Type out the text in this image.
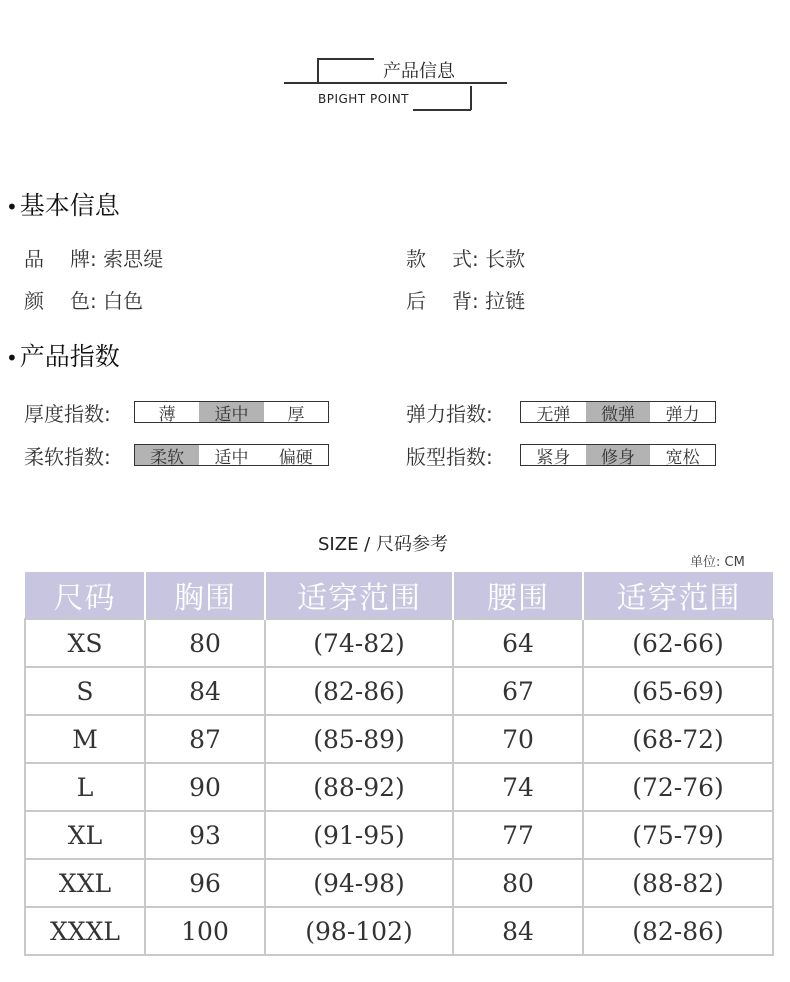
产品信息
BPIGHT POINT
•基本信息
品 牌: 索思缇	款 式: 长款
颜 色: 白色	后 背: 拉链
•产品指数
厚度指数:	薄	适中	厚	弹力指数:	无弹	微弹	弹力
柔软指数:	柔软	适中	偏硬	版型指数:	紧身	修身	宽松
SIZE / 尺码参考
单位: CM
尺码	胸围	适穿范围	腰围	适穿范围
XS	80	(74-82)	64	(62-66)
S	84	(82-86)	67	(65-69)
M	87	(85-89)	70	(68-72)
L	90	(88-92)	74	(72-76)
XL	93	(91-95)	77	(75-79)
XXL	96	(94-98)	80	(88-82)
XXXL	100	(98-102)	84	(82-86)
